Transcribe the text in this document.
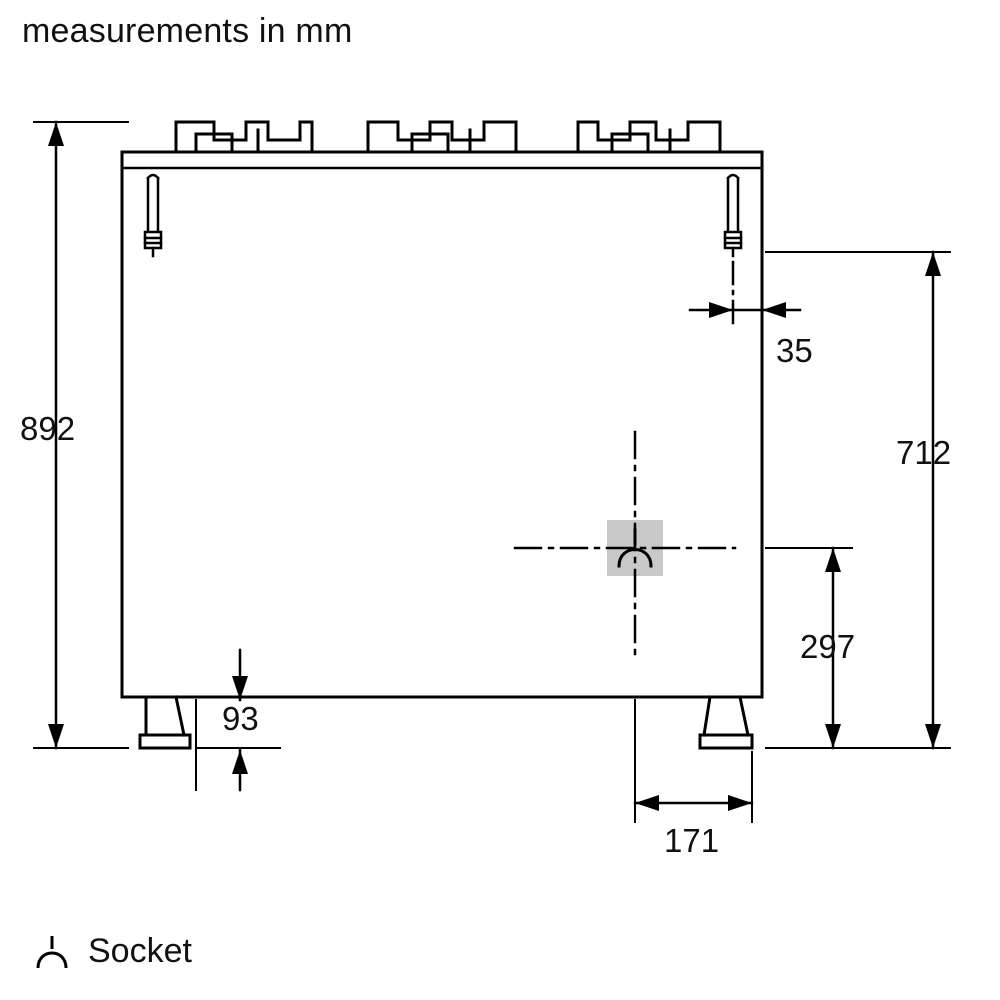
measurements in mm
892
35
712
297
93
171
Socket
